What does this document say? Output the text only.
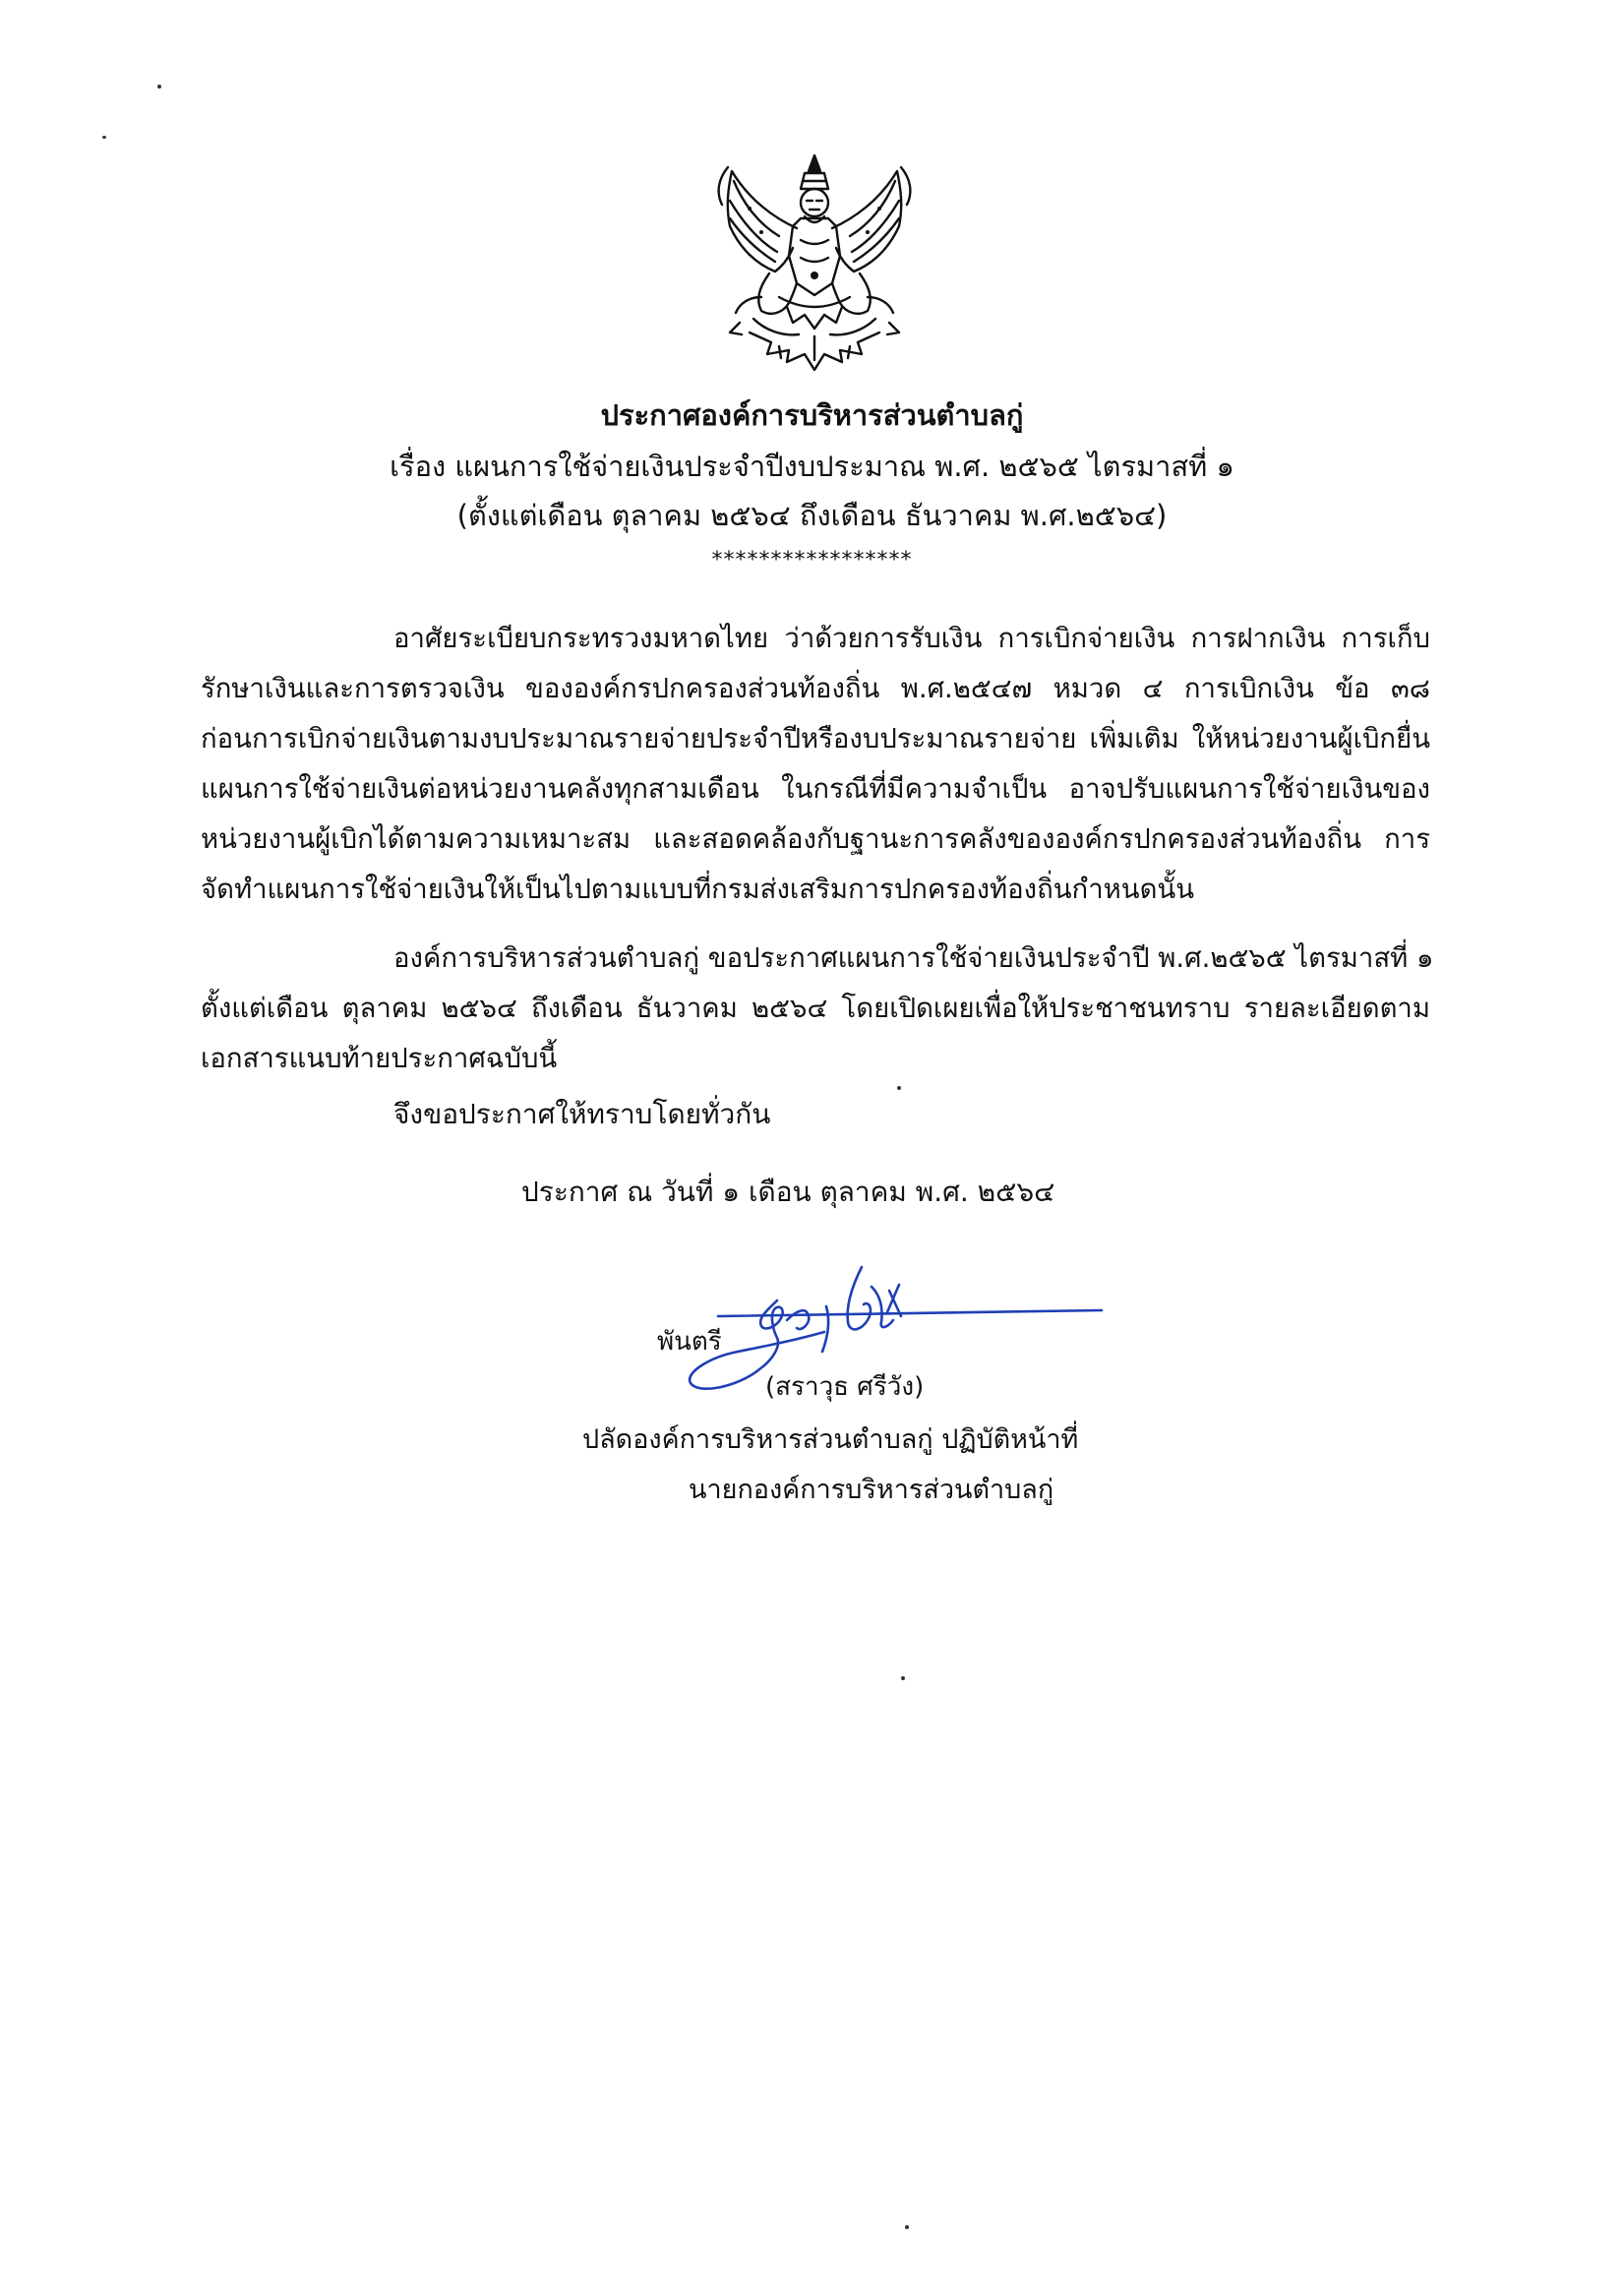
ประกาศองค์การบริหารส่วนตำบลกู่
เรื่อง แผนการใช้จ่ายเงินประจำปีงบประมาณ พ.ศ. ๒๕๖๕ ไตรมาสที่ ๑
(ตั้งแต่เดือน ตุลาคม ๒๕๖๔ ถึงเดือน ธันวาคม พ.ศ.๒๕๖๔)
*****************
อาศัยระเบียบกระทรวงมหาดไทย ว่าด้วยการรับเงิน การเบิกจ่ายเงิน การฝากเงิน การเก็บ
รักษาเงินและการตรวจเงิน ขององค์กรปกครองส่วนท้องถิ่น พ.ศ.๒๕๔๗ หมวด ๔ การเบิกเงิน ข้อ ๓๘
ก่อนการเบิกจ่ายเงินตามงบประมาณรายจ่ายประจำปีหรืองบประมาณรายจ่าย เพิ่มเติม ให้หน่วยงานผู้เบิกยื่น
แผนการใช้จ่ายเงินต่อหน่วยงานคลังทุกสามเดือน ในกรณีที่มีความจำเป็น อาจปรับแผนการใช้จ่ายเงินของ
หน่วยงานผู้เบิกได้ตามความเหมาะสม และสอดคล้องกับฐานะการคลังขององค์กรปกครองส่วนท้องถิ่น การ
จัดทำแผนการใช้จ่ายเงินให้เป็นไปตามแบบที่กรมส่งเสริมการปกครองท้องถิ่นกำหนดนั้น
องค์การบริหารส่วนตำบลกู่ ขอประกาศแผนการใช้จ่ายเงินประจำปี พ.ศ.๒๕๖๕ ไตรมาสที่ ๑
ตั้งแต่เดือน ตุลาคม ๒๕๖๔ ถึงเดือน ธันวาคม ๒๕๖๔ โดยเปิดเผยเพื่อให้ประชาชนทราบ รายละเอียดตาม
เอกสารแนบท้ายประกาศฉบับนี้
จึงขอประกาศให้ทราบโดยทั่วกัน
ประกาศ ณ วันที่ ๑ เดือน ตุลาคม พ.ศ. ๒๕๖๔
พันตรี
(สราวุธ ศรีวัง)
ปลัดองค์การบริหารส่วนตำบลกู่ ปฏิบัติหน้าที่
นายกองค์การบริหารส่วนตำบลกู่
